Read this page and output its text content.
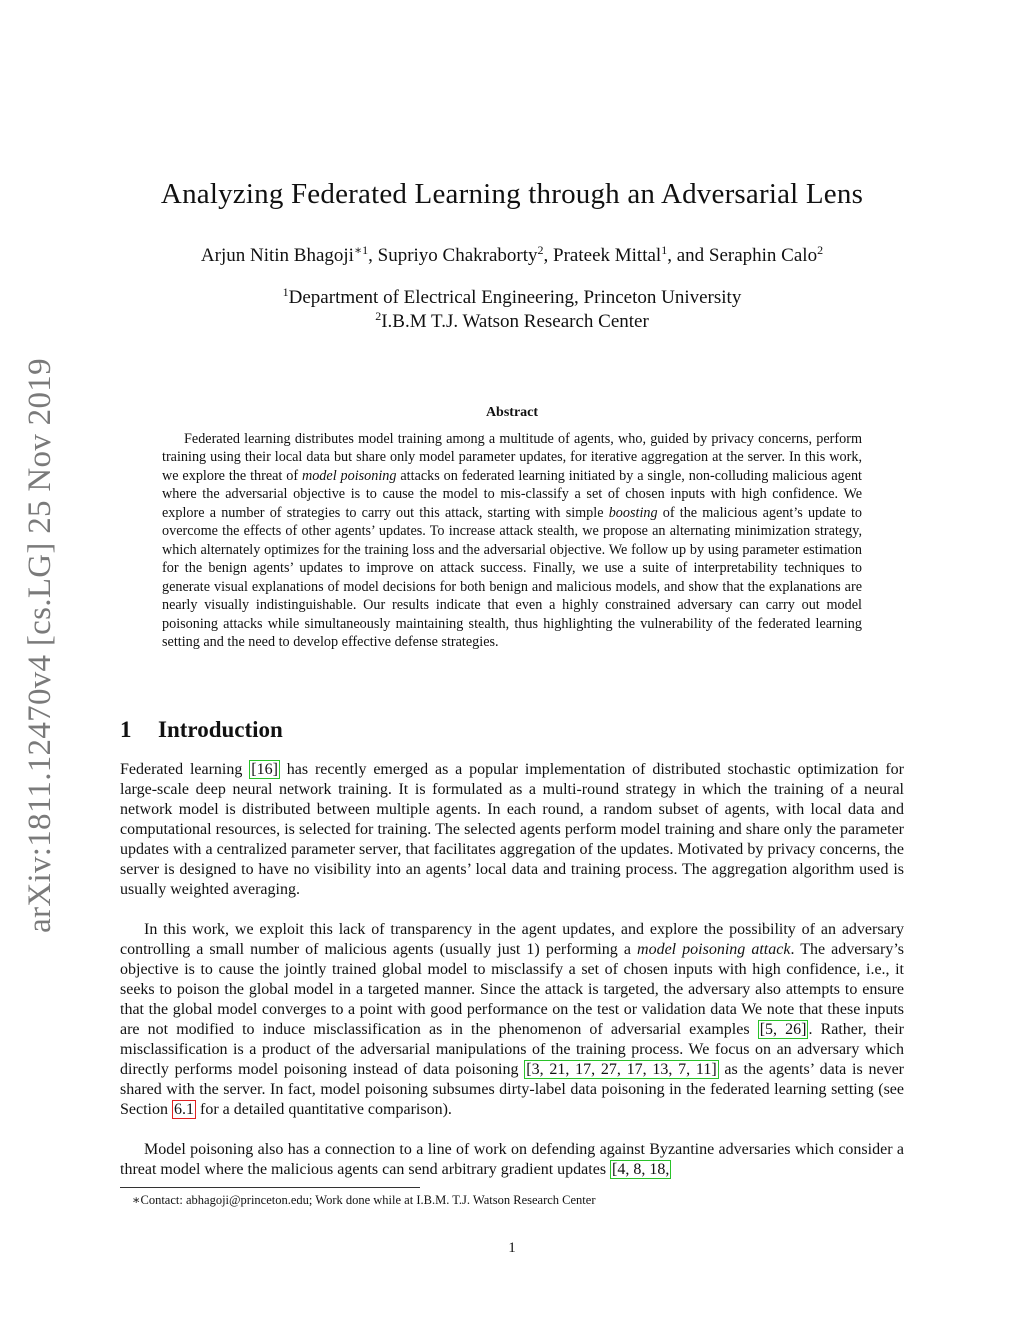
arXiv:1811.12470v4 [cs.LG] 25 Nov 2019
Analyzing Federated Learning through an Adversarial Lens
Arjun Nitin Bhagoji$^{∗1}$, Supriyo Chakraborty$^2$, Prateek Mittal$^1$, and Seraphin Calo$^2$
$^1$Department of Electrical Engineering, Princeton University
$^2$I.B.M T.J. Watson Research Center
Abstract
Federated learning distributes model training among a multitude of agents, who, guided by privacy concerns, perform training using their local data but share only model parameter updates, for iterative aggregation at the server. In this work, we explore the threat of model poisoning attacks on federated learning initiated by a single, non-colluding malicious agent where the adversarial objective is to cause the model to mis-classify a set of chosen inputs with high confidence. We explore a number of strategies to carry out this attack, starting with simple boosting of the malicious agent’s update to overcome the effects of other agents’ updates. To increase attack stealth, we propose an alternating minimization strategy, which alternately optimizes for the training loss and the adversarial objective. We follow up by using parameter estimation for the benign agents’ updates to improve on attack success. Finally, we use a suite of interpretability techniques to generate visual explanations of model decisions for both benign and malicious models, and show that the explanations are nearly visually indistinguishable. Our results indicate that even a highly constrained adversary can carry out model poisoning attacks while simultaneously maintaining stealth, thus highlighting the vulnerability of the federated learning setting and the need to develop effective defense strategies.
1 Introduction

Federated learning [16] has recently emerged as a popular implementation of distributed stochastic optimization for large-scale deep neural network training. It is formulated as a multi-round strategy in which the training of a neural network model is distributed between multiple agents. In each round, a random subset of agents, with local data and computational resources, is selected for training. The selected agents perform model training and share only the parameter updates with a centralized parameter server, that facilitates aggregation of the updates. Motivated by privacy concerns, the server is designed to have no visibility into an agents’ local data and training process. The aggregation algorithm used is usually weighted averaging.

In this work, we exploit this lack of transparency in the agent updates, and explore the possibility of an adversary controlling a small number of malicious agents (usually just 1) performing a model poisoning attack. The adversary’s objective is to cause the jointly trained global model to misclassify a set of chosen inputs with high confidence, i.e., it seeks to poison the global model in a targeted manner. Since the attack is targeted, the adversary also attempts to ensure that the global model converges to a point with good performance on the test or validation data We note that these inputs are not modified to induce misclassification as in the phenomenon of adversarial examples [5, 26] . Rather, their misclassification is a product of the adversarial manipulations of the training process. We focus on an adversary which directly performs model poisoning instead of data poisoning [3, 21, 17, 27, 17, 13, 7, 11] as the agents’ data is never shared with the server. In fact, model poisoning subsumes dirty-label data poisoning in the federated learning setting (see Section 6.1 for a detailed quantitative comparison).

Model poisoning also has a connection to a line of work on defending against Byzantine adversaries which consider a threat model where the malicious agents can send arbitrary gradient updates [4, 8, 18,

∗Contact: abhagoji@princeton.edu; Work done while at I.B.M. T.J. Watson Research Center
1
